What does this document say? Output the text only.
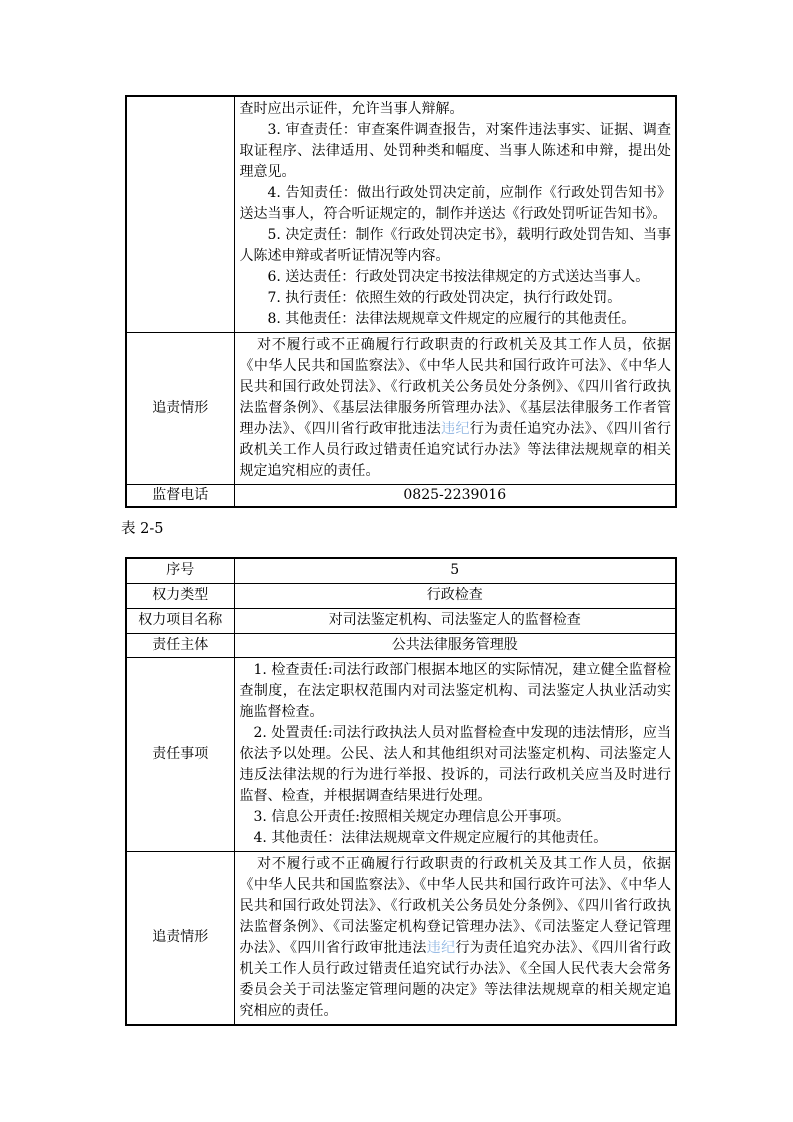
查时应出示证件，允许当事人辩解。

3. 审查责任：审查案件调查报告，对案件违法事实、证据、调查取证程序、法律适用、处罚种类和幅度、当事人陈述和申辩，提出处理意见。

4. 告知责任：做出行政处罚决定前，应制作《行政处罚告知书》送达当事人，符合听证规定的，制作并送达《行政处罚听证告知书》。

5. 决定责任：制作《行政处罚决定书》，载明行政处罚告知、当事人陈述申辩或者听证情况等内容。

6. 送达责任：行政处罚决定书按法律规定的方式送达当事人。

7. 执行责任：依照生效的行政处罚决定，执行行政处罚。

8. 其他责任：法律法规规章文件规定的应履行的其他责任。

追责情形	对不履行或不正确履行行政职责的行政机关及其工作人员，依据《中华人民共和国监察法》、《中华人民共和国行政许可法》、《中华人民共和国行政处罚法》、《行政机关公务员处分条例》、《四川省行政执法监督条例》、《基层法律服务所管理办法》、《基层法律服务工作者管理办法》、《四川省行政审批违法违纪行为责任追究办法》、《四川省行政机关工作人员行政过错责任追究试行办法》等法律法规规章的相关规定追究相应的责任。

监督电话	0825-2239016
表 2-5
序号	5
权力类型	行政检查
权力项目名称	对司法鉴定机构、司法鉴定人的监督检查
责任主体	公共法律服务管理股
责任事项	1. 检查责任:司法行政部门根据本地区的实际情况，建立健全监督检查制度，在法定职权范围内对司法鉴定机构、司法鉴定人执业活动实施监督检查。

2. 处置责任:司法行政执法人员对监督检查中发现的违法情形，应当依法予以处理。公民、法人和其他组织对司法鉴定机构、司法鉴定人违反法律法规的行为进行举报、投诉的，司法行政机关应当及时进行监督、检查，并根据调查结果进行处理。

3. 信息公开责任:按照相关规定办理信息公开事项。

4. 其他责任：法律法规规章文件规定应履行的其他责任。

追责情形	对不履行或不正确履行行政职责的行政机关及其工作人员，依据《中华人民共和国监察法》、《中华人民共和国行政许可法》、《中华人民共和国行政处罚法》、《行政机关公务员处分条例》、《四川省行政执法监督条例》、《司法鉴定机构登记管理办法》、《司法鉴定人登记管理办法》、《四川省行政审批违法违纪行为责任追究办法》、《四川省行政机关工作人员行政过错责任追究试行办法》、《全国人民代表大会常务委员会关于司法鉴定管理问题的决定》等法律法规规章的相关规定追究相应的责任。
